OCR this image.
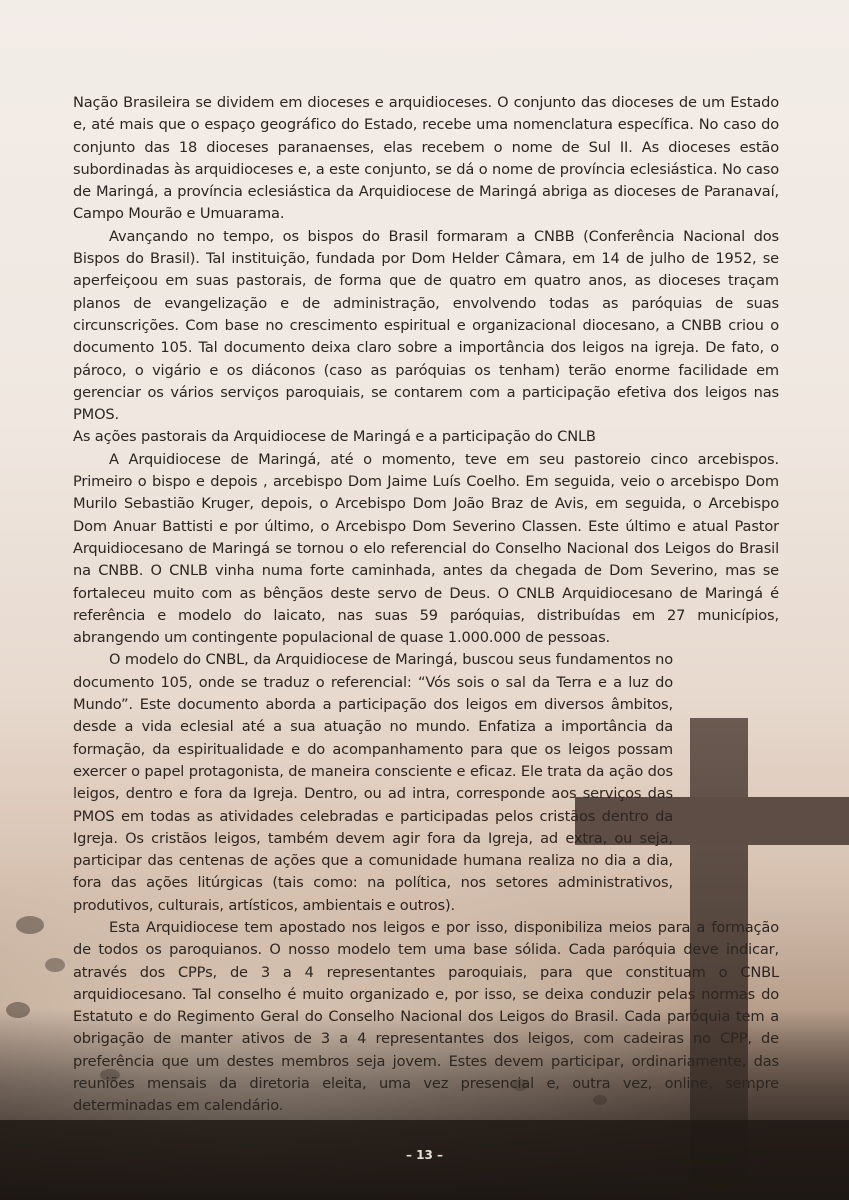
Nação Brasileira se dividem em dioceses e arquidioceses. O conjunto das dioceses de um Estado e, até mais que o espaço geográfico do Estado, recebe uma nomenclatura específica. No caso do conjunto das 18 dioceses paranaenses, elas recebem o nome de Sul II. As dioceses estão subordinadas às arquidioceses e, a este conjunto, se dá o nome de província eclesiástica. No caso de Maringá, a província eclesiástica da Arquidiocese de Maringá abriga as dioceses de Paranavaí, Campo Mourão e Umuarama.

Avançando no tempo, os bispos do Brasil formaram a CNBB (Conferência Nacional dos Bispos do Brasil). Tal instituição, fundada por Dom Helder Câmara, em 14 de julho de 1952, se aperfeiçoou em suas pastorais, de forma que de quatro em quatro anos, as dioceses traçam planos de evangelização e de administração, envolvendo todas as paróquias de suas circunscrições. Com base no crescimento espiritual e organizacional diocesano, a CNBB criou o documento 105. Tal documento deixa claro sobre a importância dos leigos na igreja. De fato, o pároco, o vigário e os diáconos (caso as paróquias os tenham) terão enorme facilidade em gerenciar os vários serviços paroquiais, se contarem com a participação efetiva dos leigos nas PMOS.

As ações pastorais da Arquidiocese de Maringá e a participação do CNLB

A Arquidiocese de Maringá, até o momento, teve em seu pastoreio cinco arcebispos. Primeiro o bispo e depois , arcebispo Dom Jaime Luís Coelho. Em seguida, veio o arcebispo Dom Murilo Sebastião Kruger, depois, o Arcebispo Dom João Braz de Avis, em seguida, o Arcebispo Dom Anuar Battisti e por último, o Arcebispo Dom Severino Classen. Este último e atual Pastor Arquidiocesano de Maringá se tornou o elo referencial do Conselho Nacional dos Leigos do Brasil na CNBB. O CNLB vinha numa forte caminhada, antes da chegada de Dom Severino, mas se fortaleceu muito com as bênçãos deste servo de Deus. O CNLB Arquidiocesano de Maringá é referência e modelo do laicato, nas suas 59 paróquias, distribuídas em 27 municípios, abrangendo um contingente populacional de quase 1.000.000 de pessoas.

O modelo do CNBL, da Arquidiocese de Maringá, buscou seus fundamentos no documento 105, onde se traduz o referencial: “Vós sois o sal da Terra e a luz do Mundo”. Este documento aborda a participação dos leigos em diversos âmbitos, desde a vida eclesial até a sua atuação no mundo. Enfatiza a importância da formação, da espiritualidade e do acompanhamento para que os leigos possam exercer o papel protagonista, de maneira consciente e eficaz. Ele trata da ação dos leigos, dentro e fora da Igreja. Dentro, ou ad intra, corresponde aos serviços das PMOS em todas as atividades celebradas e participadas pelos cristãos dentro da Igreja. Os cristãos leigos, também devem agir fora da Igreja, ad extra, ou seja, participar das centenas de ações que a comunidade humana realiza no dia a dia, fora das ações litúrgicas (tais como: na política, nos setores administrativos, produtivos, culturais, artísticos, ambientais e outros).

Esta Arquidiocese tem apostado nos leigos e por isso, disponibiliza meios para a formação de todos os paroquianos. O nosso modelo tem uma base sólida. Cada paróquia deve indicar, através dos CPPs, de 3 a 4 representantes paroquiais, para que constituam o CNBL arquidiocesano. Tal conselho é muito organizado e, por isso, se deixa conduzir pelas normas do Estatuto e do Regimento Geral do Conselho Nacional dos Leigos do Brasil. Cada paróquia tem a obrigação de manter ativos de 3 a 4 representantes dos leigos, com cadeiras no CPP, de preferência que um destes membros seja jovem. Estes devem participar, ordinariamente, das reuniões mensais da diretoria eleita, uma vez presencial e, outra vez, online, sempre determinadas em calendário.

– 13 –
